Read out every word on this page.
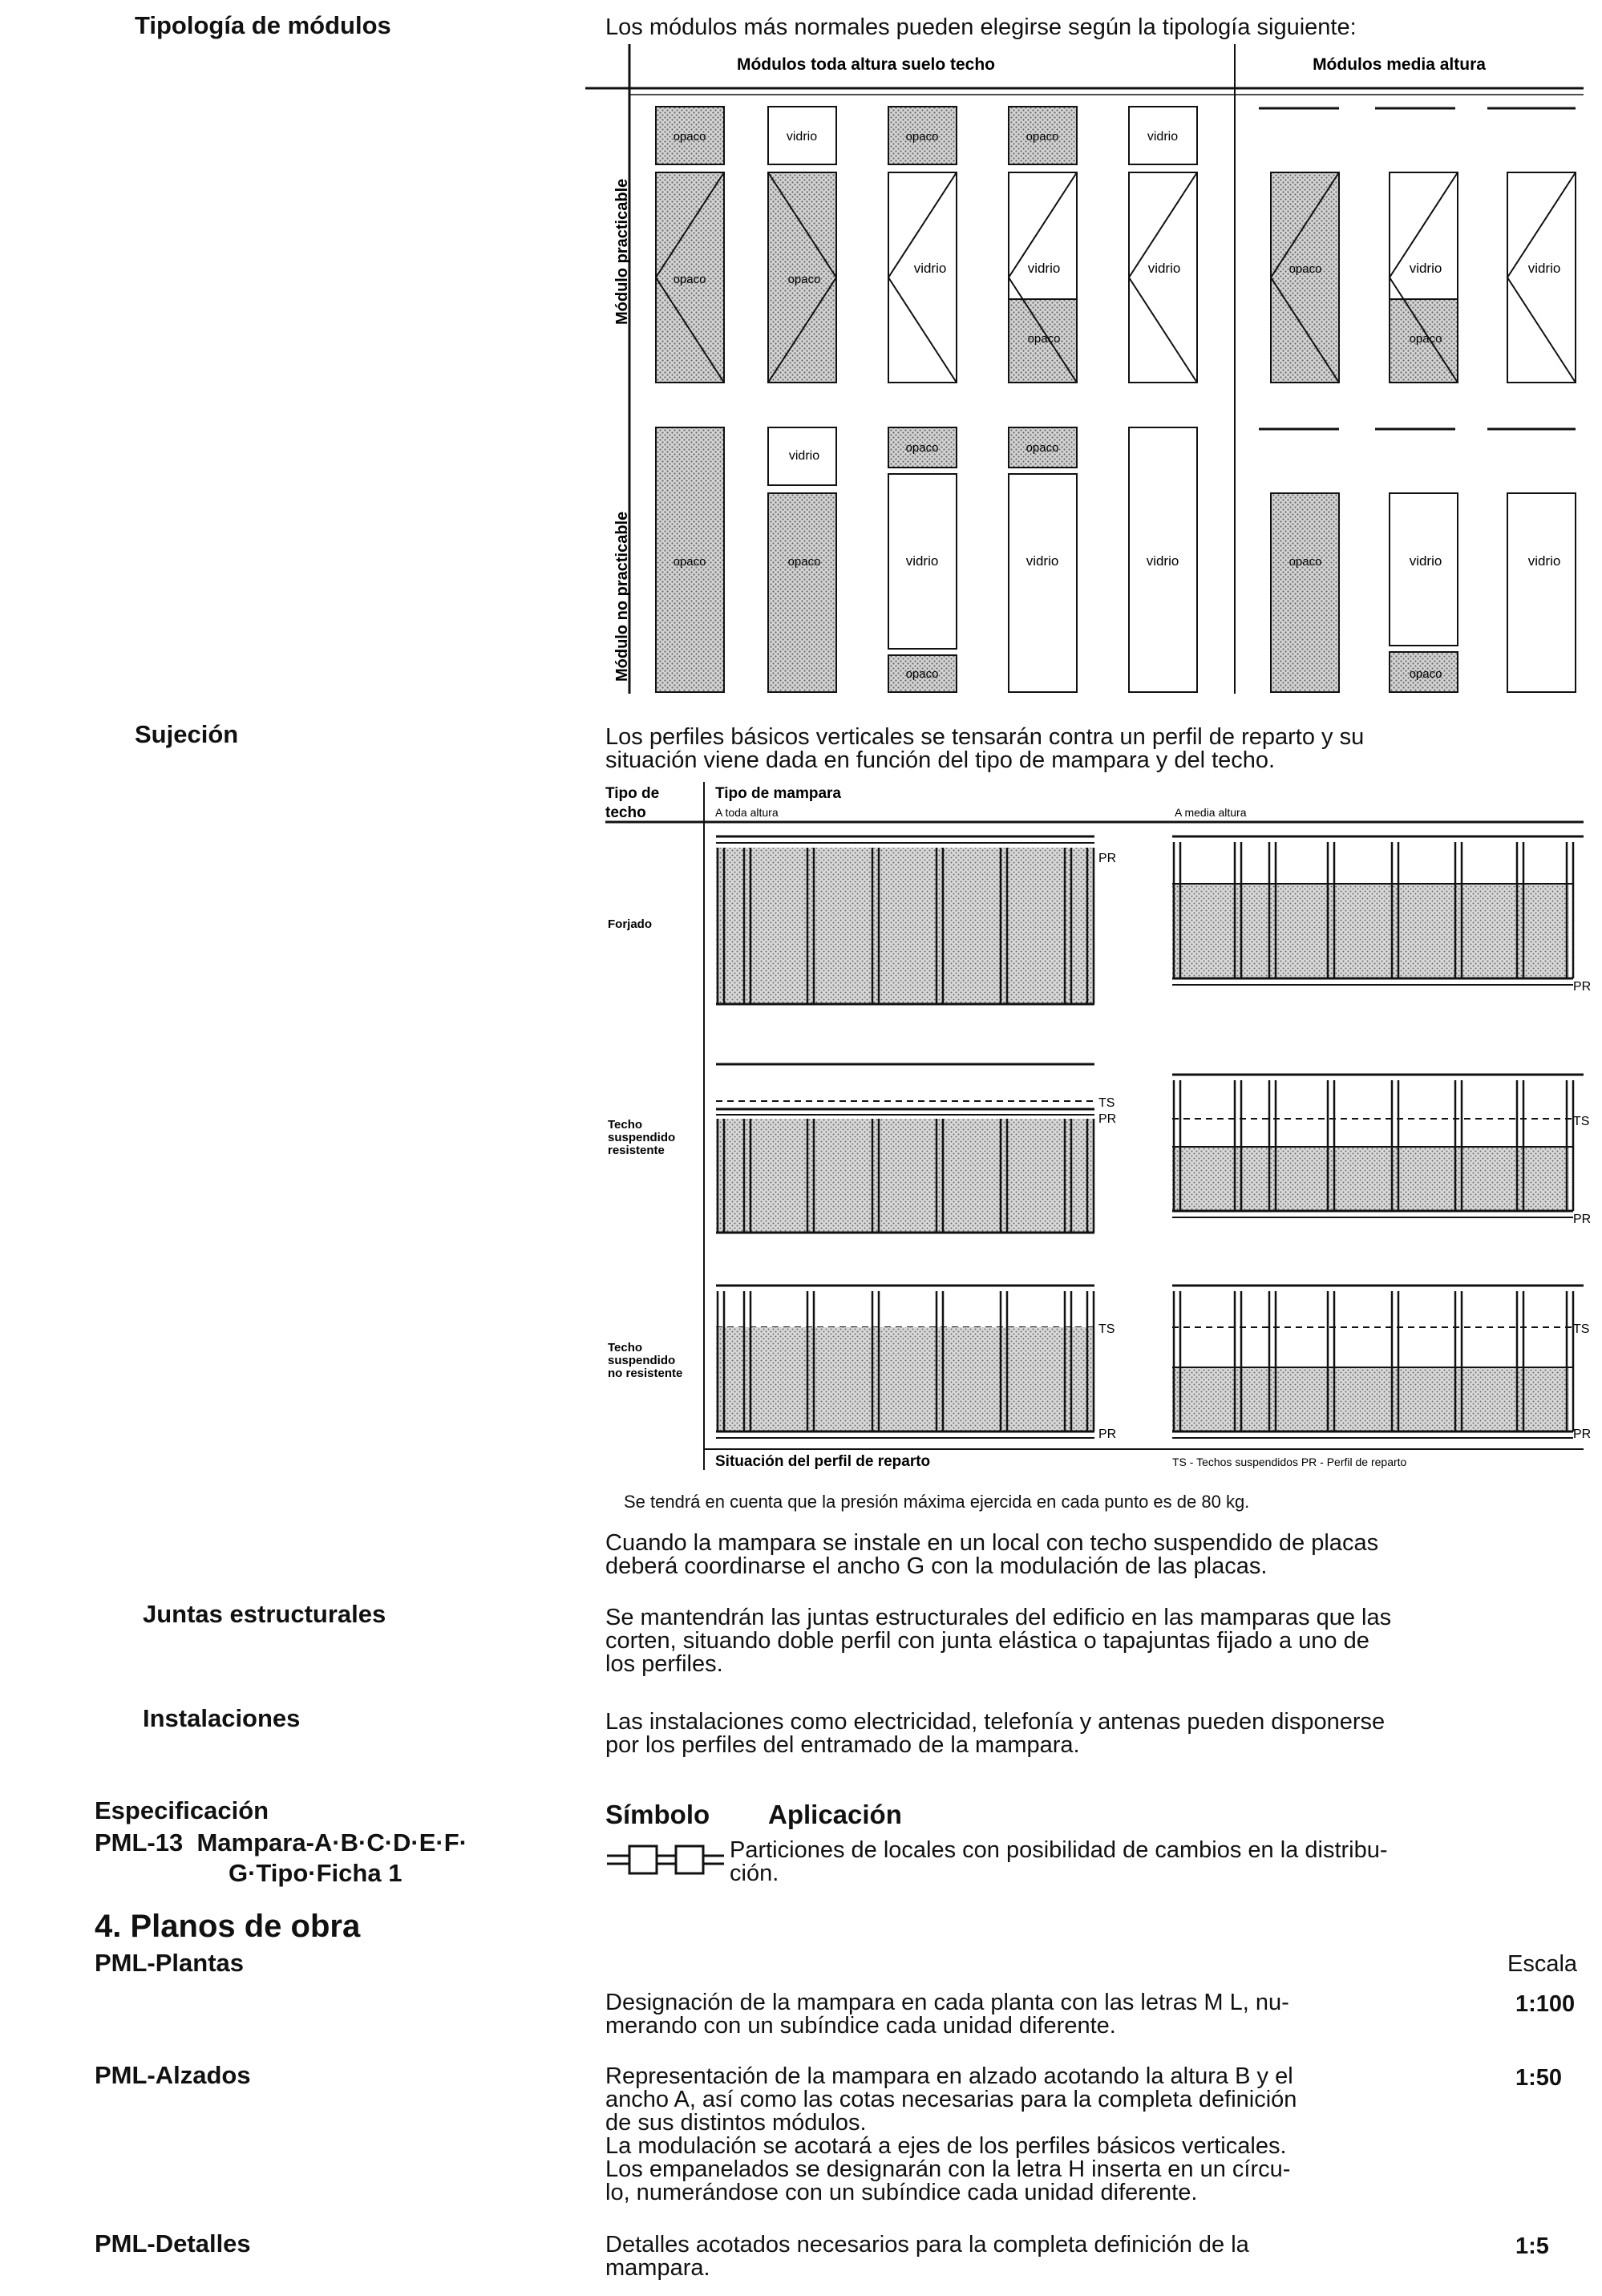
Tipología de módulos	Los módulos más normales pueden elegirse según la tipología siguiente:
Módulos toda altura suelo techo	Módulos media altura
Módulo practicable
Módulo no practicable
opaco
opaco
vidrio
opaco
opaco
vidrio
opaco
vidrio
opaco
vidrio
vidrio	opaco	vidrio
opaco
vidrio
opaco
vidrio
opaco
opaco
vidrio
opaco
opaco
vidrio	vidrio	opaco	vidrio
opaco
vidrio
Sujeción	Los perfiles básicos verticales se tensarán contra un perfil de reparto y su
situación viene dada en función del tipo de mampara y del techo.
Tipo de
techo
Tipo de mampara
A toda altura	A media altura
Forjado
Techo
suspendido
resistente
Techo
suspendido
no resistente
PR
PR
TS
PR	TS
PR
TS
PR
TS
PR
Situación del perfil de reparto	TS - Techos suspendidos PR - Perfil de reparto
Se tendrá en cuenta que la presión máxima ejercida en cada punto es de 80 kg.
Cuando la mampara se instale en un local con techo suspendido de placas
deberá coordinarse el ancho G con la modulación de las placas.
Juntas estructurales	Se mantendrán las juntas estructurales del edificio en las mamparas que las
corten, situando doble perfil con junta elástica o tapajuntas fijado a uno de
los perfiles.
Instalaciones	Las instalaciones como electricidad, telefonía y antenas pueden disponerse
por los perfiles del entramado de la mampara.
Especificación
PML-13  Mampara-A·B·C·D·E·F·
G·Tipo·Ficha 1
Símbolo Aplicación
Particiones de locales con posibilidad de cambios en la distribu-
ción.
4. Planos de obra
Escala
PML-Plantas
Designación de la mampara en cada planta con las letras M L, nu-
merando con un subíndice cada unidad diferente.
1:100
PML-Alzados	Representación de la mampara en alzado acotando la altura B y el
ancho A, así como las cotas necesarias para la completa definición
de sus distintos módulos.
La modulación se acotará a ejes de los perfiles básicos verticales.
Los empanelados se designarán con la letra H inserta en un círcu-
lo, numerándose con un subíndice cada unidad diferente.
1:50
PML-Detalles	Detalles acotados necesarios para la completa definición de la
mampara.
1:5
